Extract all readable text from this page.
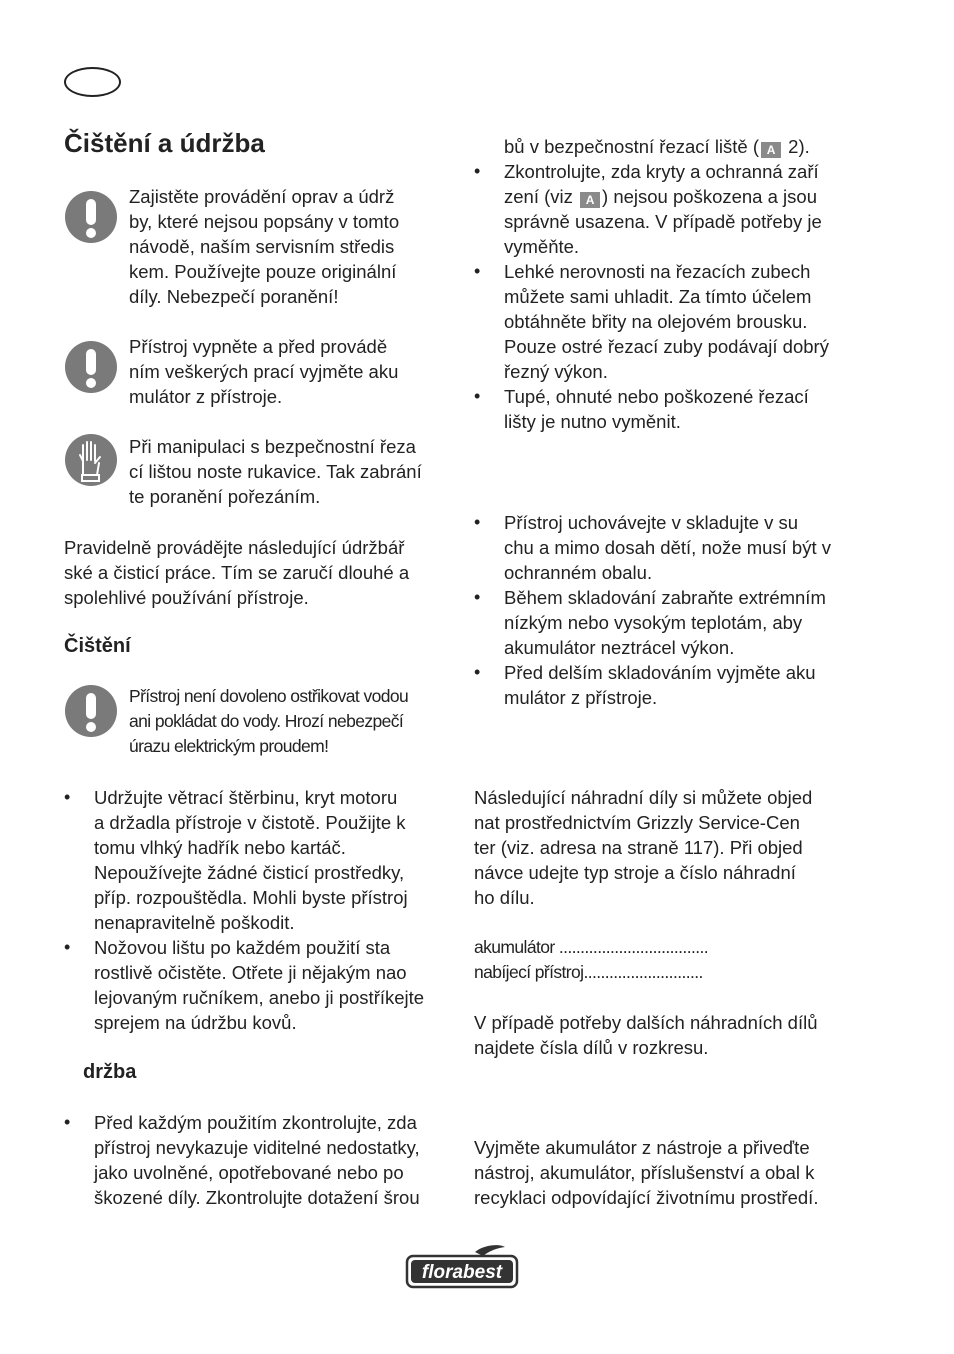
Čištění a údržba

Zajistěte provádění oprav a údrž

by, které nejsou popsány v tomto

návodě, naším servisním středis

kem. Používejte pouze originální

díly. Nebezpečí poranění!

Přístroj vypněte a před provádě

ním veškerých prací vyjměte aku

mulátor z přístroje.

Při manipulaci s bezpečnostní řeza

cí lištou noste rukavice. Tak zabrání

te poranění pořezáním.

Pravidelně provádějte následující údržbář

ské a čisticí práce. Tím se zaručí dlouhé a

spolehlivé používání přístroje.

Čištění

Přístroj není dovoleno ostřikovat vodou

ani pokládat do vody. Hrozí nebezpečí

úrazu elektrickým proudem!

• Udržujte větrací štěrbinu, kryt motoru

a držadla přístroje v čistotě. Použijte k

tomu vlhký hadřík nebo kartáč.

Nepoužívejte žádné čisticí prostředky,

příp. rozpouštědla. Mohli byste přístroj

nenapravitelně poškodit.

• Nožovou lištu po každém použití sta

rostlivě očistěte. Otřete ji nějakým nao

lejovaným ručníkem, anebo ji postříkejte

sprejem na údržbu kovů.

držba

• Před každým použitím zkontrolujte, zda

přístroj nevykazuje viditelné nedostatky,

jako uvolněné, opotřebované nebo po

škozené díly. Zkontrolujte dotažení šrou

bů v bezpečnostní řezací liště ( A 2).

• Zkontrolujte, zda kryty a ochranná zaří

zení (viz A ) nejsou poškozena a jsou

správně usazena. V případě potřeby je

vyměňte.

• Lehké nerovnosti na řezacích zubech

můžete sami uhladit. Za tímto účelem

obtáhněte břity na olejovém brousku.

Pouze ostré řezací zuby podávají dobrý

řezný výkon.

• Tupé, ohnuté nebo poškozené řezací

lišty je nutno vyměnit.

• Přístroj uchovávejte v skladujte v su

chu a mimo dosah dětí, nože musí být v

ochranném obalu.

• Během skladování zabraňte extrémním

nízkým nebo vysokým teplotám, aby

akumulátor neztrácel výkon.

• Před delším skladováním vyjměte aku

mulátor z přístroje.

Následující náhradní díly si můžete objed

nat prostřednictvím Grizzly Service-Cen

ter (viz. adresa na straně 117). Při objed

návce udejte typ stroje a číslo náhradní

ho dílu.

akumulátor ...................................

nabíjecí přístroj............................

V případě potřeby dalších náhradních dílů

najdete čísla dílů v rozkresu.

Vyjměte akumulátor z nástroje a přiveďte

nástroj, akumulátor, příslušenství a obal k

recyklaci odpovídající životnímu prostředí.

florabest
